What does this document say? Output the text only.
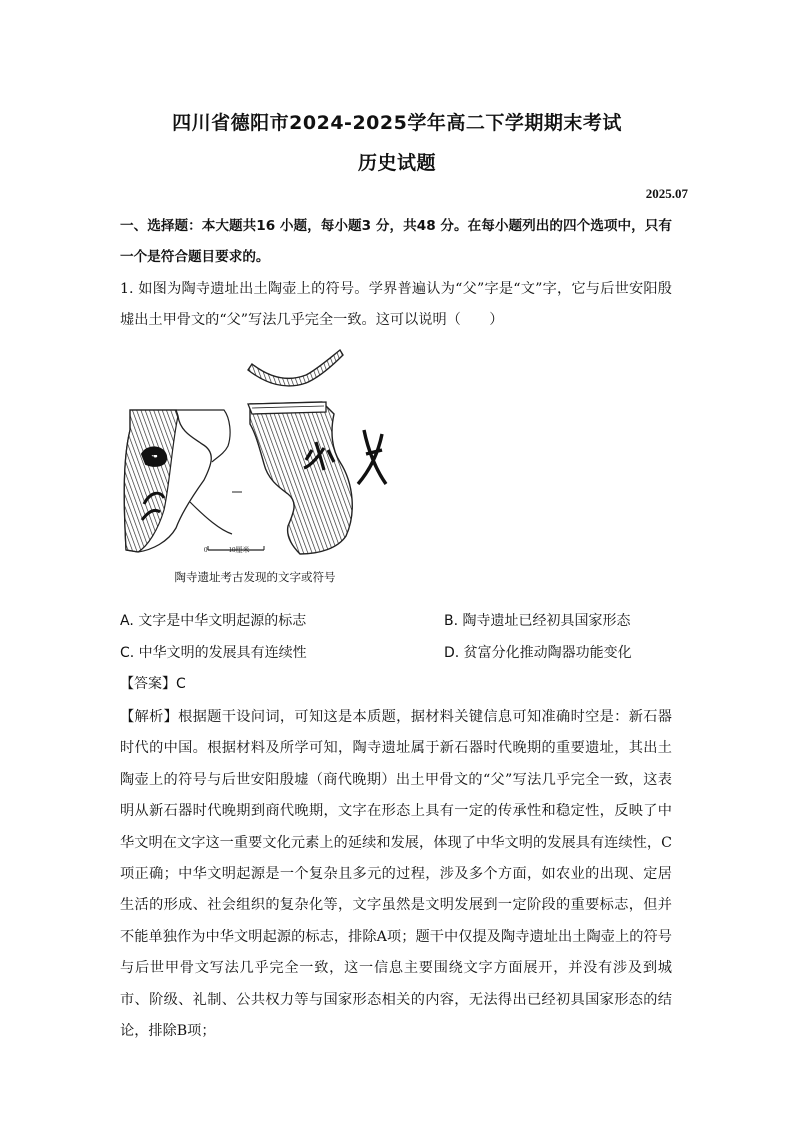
四川省德阳市2024-2025学年高二下学期期末考试
历史试题
2025.07
一、选择题：本大题共16 小题，每小题3 分，共48 分。在每小题列出的四个选项中，只有一个是符合题目要求的。
1. 如图为陶寺遗址出土陶壶上的符号。学界普遍认为“父”字是“文”字，它与后世安阳殷墟出土甲骨文的“父”写法几乎完全一致。这可以说明（　　）
0　　　10厘米
陶寺遗址考古发现的文字或符号
A. 文字是中华文明起源的标志	B. 陶寺遗址已经初具国家形态
C. 中华文明的发展具有连续性	D. 贫富分化推动陶器功能变化
【答案】C
【解析】根据题干设问词，可知这是本质题，据材料关键信息可知准确时空是：新石器时代的中国。根据材料及所学可知，陶寺遗址属于新石器时代晚期的重要遗址，其出土陶壶上的符号与后世安阳殷墟（商代晚期）出土甲骨文的“父”写法几乎完全一致，这表明从新石器时代晚期到商代晚期，文字在形态上具有一定的传承性和稳定性，反映了中华文明在文字这一重要文化元素上的延续和发展，体现了中华文明的发展具有连续性，C项正确；中华文明起源是一个复杂且多元的过程，涉及多个方面，如农业的出现、定居生活的形成、社会组织的复杂化等，文字虽然是文明发展到一定阶段的重要标志，但并不能单独作为中华文明起源的标志，排除A项；题干中仅提及陶寺遗址出土陶壶上的符号与后世甲骨文写法几乎完全一致，这一信息主要围绕文字方面展开，并没有涉及到城市、阶级、礼制、公共权力等与国家形态相关的内容，无法得出已经初具国家形态的结论，排除B项；
